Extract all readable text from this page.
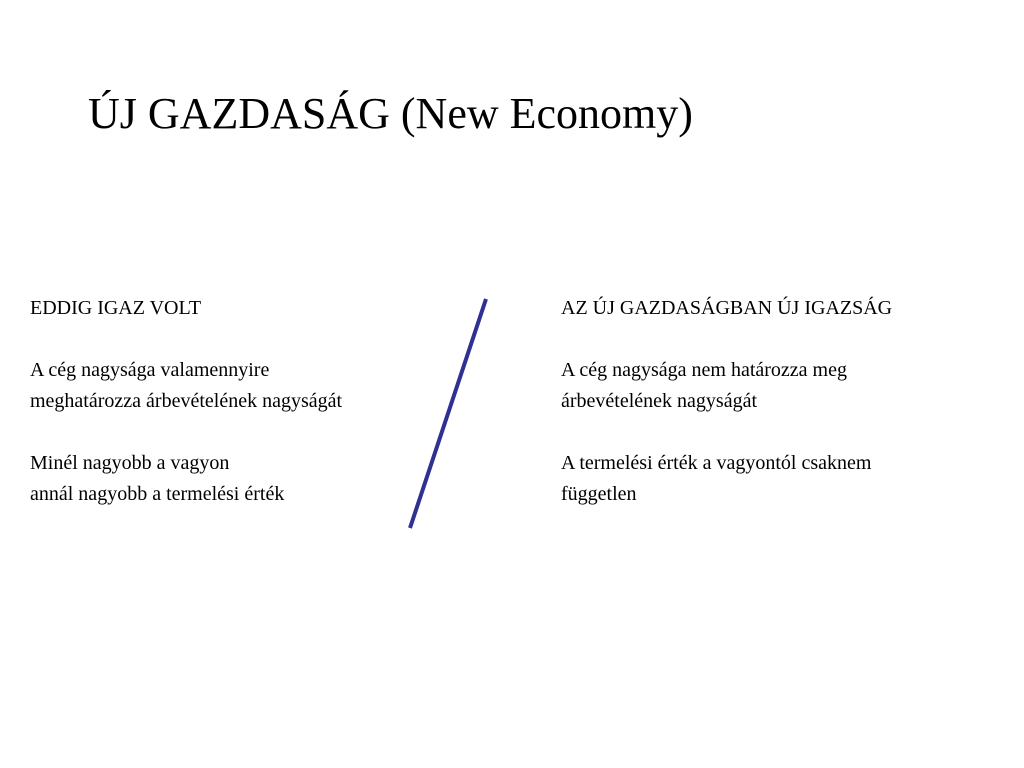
ÚJ GAZDASÁG (New Economy)

EDDIG IGAZ VOLT

A cég nagysága valamennyire
meghatározza árbevételének nagyságát

Minél nagyobb a vagyon
annál nagyobb a termelési érték

AZ ÚJ GAZDASÁGBAN ÚJ IGAZSÁG

A cég nagysága nem határozza meg
árbevételének nagyságát

A termelési érték a vagyontól csaknem
független
